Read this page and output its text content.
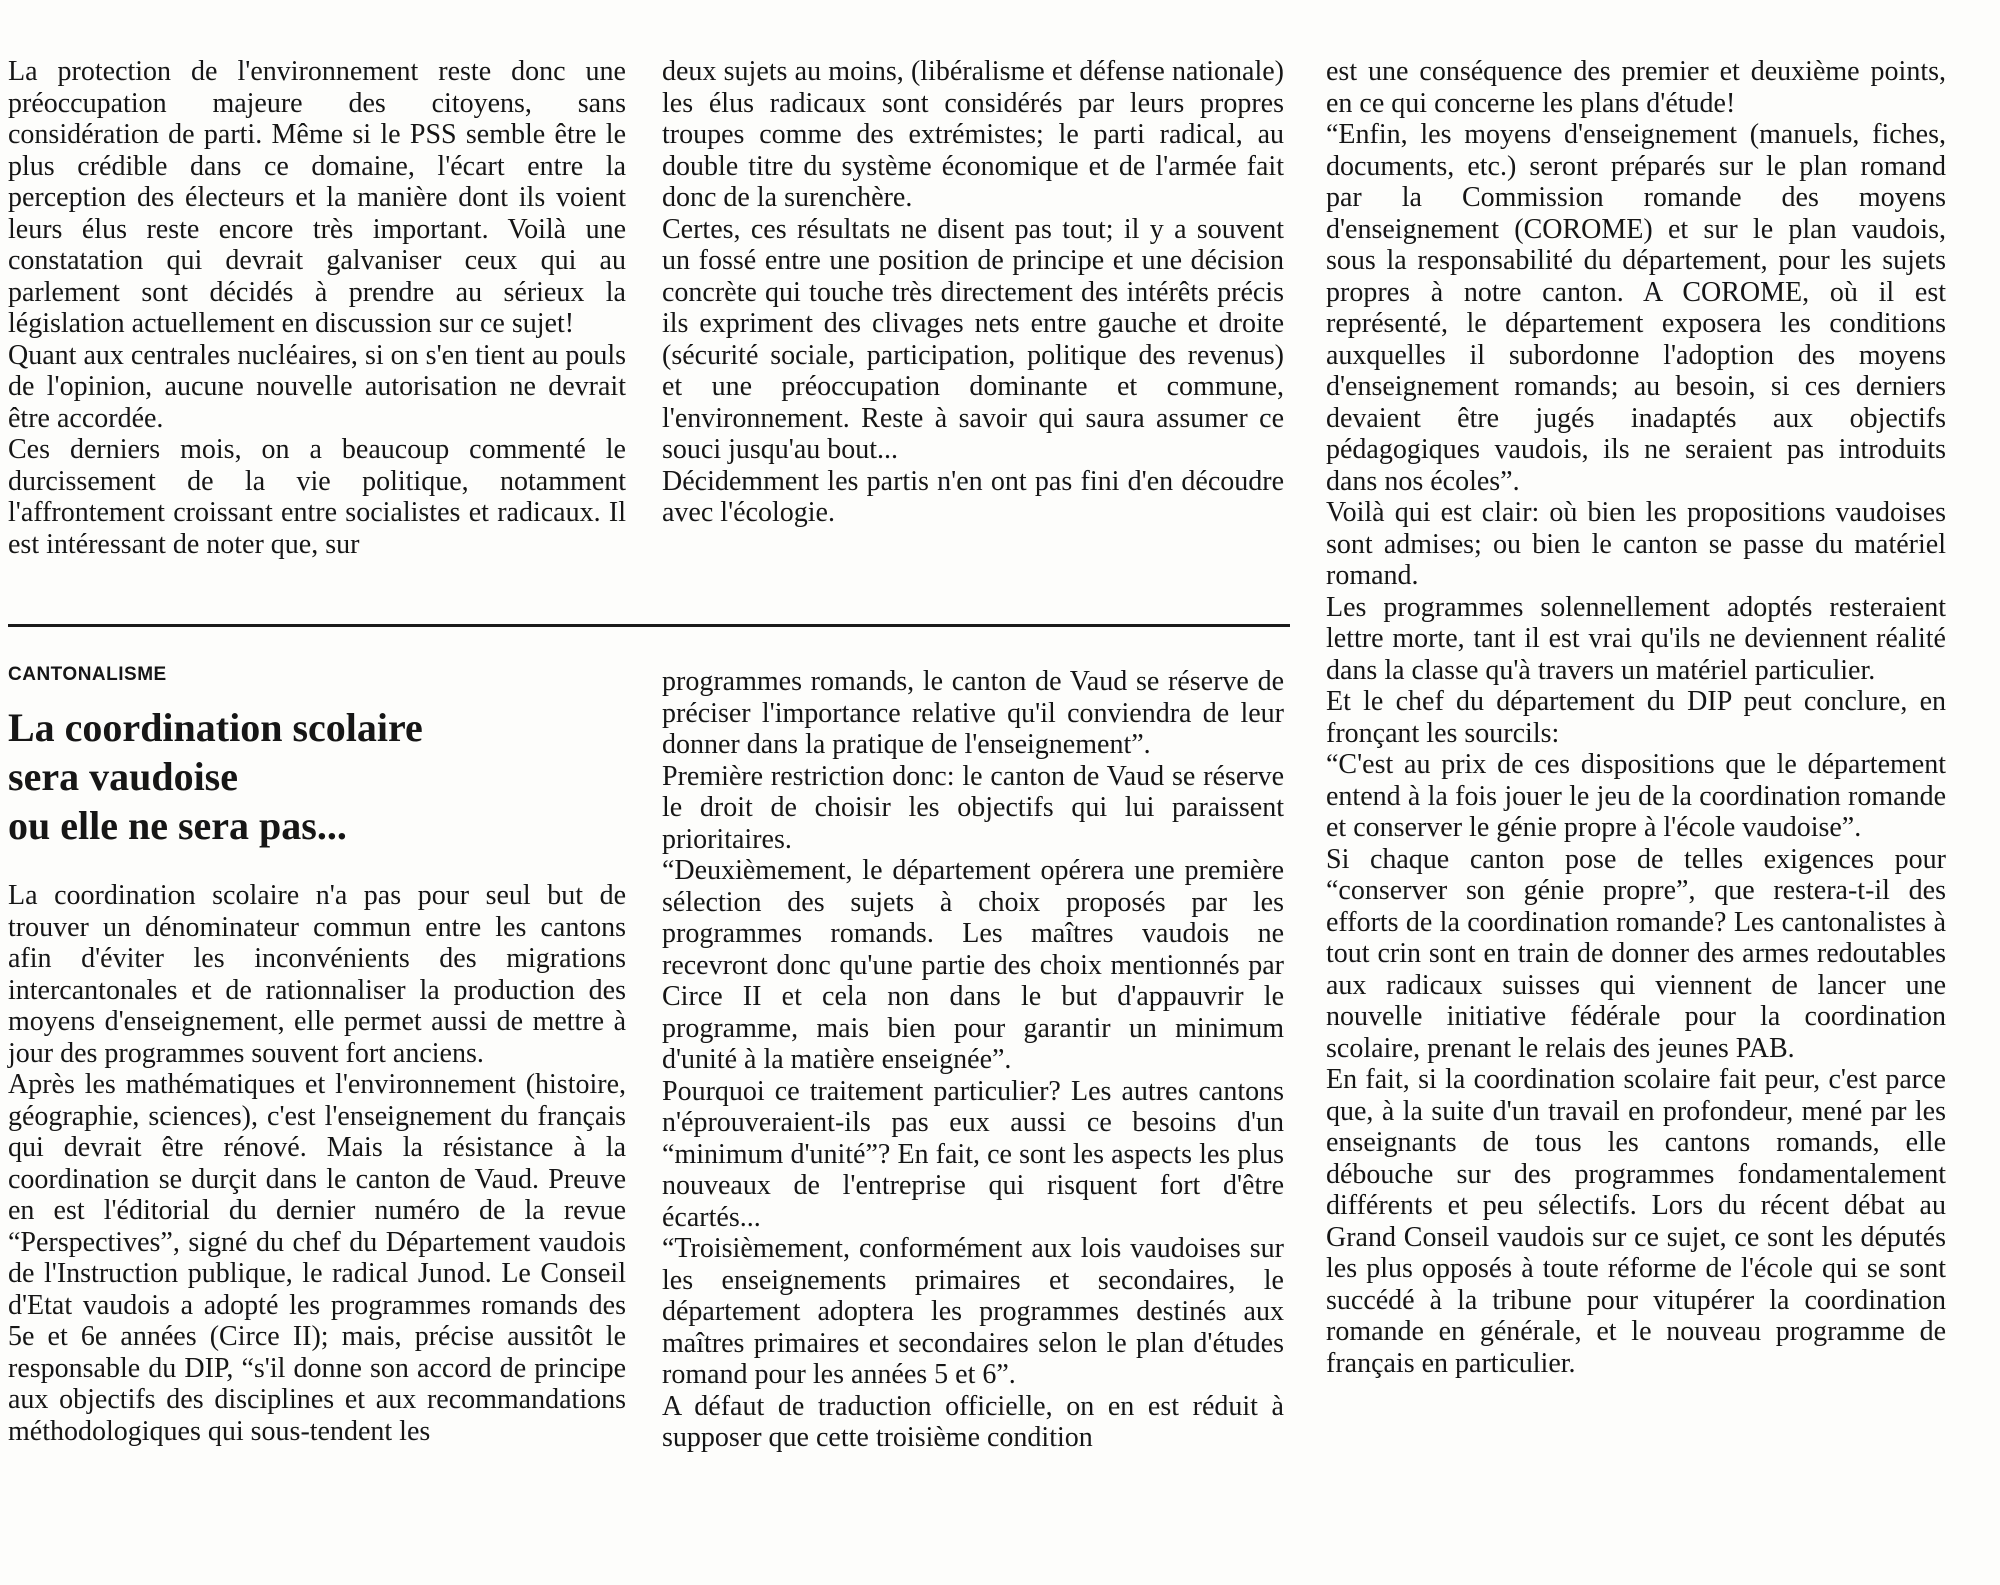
La protection de l'environnement reste donc une préoccupation majeure des citoyens, sans considération de parti. Même si le PSS semble être le plus crédible dans ce domaine, l'écart entre la perception des électeurs et la manière dont ils voient leurs élus reste encore très important. Voilà une constatation qui devrait galvaniser ceux qui au parlement sont décidés à prendre au sérieux la législation actuellement en discussion sur ce sujet!

Quant aux centrales nucléaires, si on s'en tient au pouls de l'opinion, aucune nouvelle autorisation ne devrait être accordée.

Ces derniers mois, on a beaucoup commenté le durcissement de la vie politique, notamment l'affrontement croissant entre socialistes et radicaux. Il est intéressant de noter que, sur

deux sujets au moins, (libéralisme et défense nationale) les élus radicaux sont considérés par leurs propres troupes comme des extrémistes; le parti radical, au double titre du système économique et de l'armée fait donc de la surenchère.

Certes, ces résultats ne disent pas tout; il y a souvent un fossé entre une position de principe et une décision concrète qui touche très directement des intérêts précis ils expriment des clivages nets entre gauche et droite (sécurité sociale, participation, politique des revenus) et une préoccupation dominante et commune, l'environnement. Reste à savoir qui saura assumer ce souci jusqu'au bout...

Décidemment les partis n'en ont pas fini d'en découdre avec l'écologie.

CANTONALISME
La coordination scolaire
sera vaudoise
ou elle ne sera pas...

La coordination scolaire n'a pas pour seul but de trouver un dénominateur commun entre les cantons afin d'éviter les inconvénients des migrations intercantonales et de rationnaliser la production des moyens d'enseignement, elle permet aussi de mettre à jour des programmes souvent fort anciens.

Après les mathématiques et l'environnement (histoire, géographie, sciences), c'est l'enseignement du français qui devrait être rénové. Mais la résistance à la coordination se durçit dans le canton de Vaud. Preuve en est l'éditorial du dernier numéro de la revue “Perspectives”, signé du chef du Département vaudois de l'Instruction publique, le radical Junod. Le Conseil d'Etat vaudois a adopté les programmes romands des 5e et 6e années (Circe II); mais, précise aussitôt le responsable du DIP, “s'il donne son accord de principe aux objectifs des disciplines et aux recommandations méthodologiques qui sous-tendent les

programmes romands, le canton de Vaud se réserve de préciser l'importance relative qu'il conviendra de leur donner dans la pratique de l'enseignement”.

Première restriction donc: le canton de Vaud se réserve le droit de choisir les objectifs qui lui paraissent prioritaires.

“Deuxièmement, le département opérera une première sélection des sujets à choix proposés par les programmes romands. Les maîtres vaudois ne recevront donc qu'une partie des choix mentionnés par Circe II et cela non dans le but d'appauvrir le programme, mais bien pour garantir un minimum d'unité à la matière enseignée”.

Pourquoi ce traitement particulier? Les autres cantons n'éprouveraient-ils pas eux aussi ce besoins d'un “minimum d'unité”? En fait, ce sont les aspects les plus nouveaux de l'entreprise qui risquent fort d'être écartés...

“Troisièmement, conformément aux lois vaudoises sur les enseignements primaires et secondaires, le département adoptera les programmes destinés aux maîtres primaires et secondaires selon le plan d'études romand pour les années 5 et 6”.

A défaut de traduction officielle, on en est réduit à supposer que cette troisième condition

est une conséquence des premier et deuxième points, en ce qui concerne les plans d'étude!

“Enfin, les moyens d'enseignement (manuels, fiches, documents, etc.) seront préparés sur le plan romand par la Commission romande des moyens d'enseignement (COROME) et sur le plan vaudois, sous la responsabilité du département, pour les sujets propres à notre canton. A COROME, où il est représenté, le département exposera les conditions auxquelles il subordonne l'adoption des moyens d'enseignement romands; au besoin, si ces derniers devaient être jugés inadaptés aux objectifs pédagogiques vaudois, ils ne seraient pas introduits dans nos écoles”.

Voilà qui est clair: où bien les propositions vaudoises sont admises; ou bien le canton se passe du matériel romand.

Les programmes solennellement adoptés resteraient lettre morte, tant il est vrai qu'ils ne deviennent réalité dans la classe qu'à travers un matériel particulier.

Et le chef du département du DIP peut conclure, en fronçant les sourcils:

“C'est au prix de ces dispositions que le département entend à la fois jouer le jeu de la coordination romande et conserver le génie propre à l'école vaudoise”.

Si chaque canton pose de telles exigences pour “conserver son génie propre”, que restera-t-il des efforts de la coordination romande? Les cantonalistes à tout crin sont en train de donner des armes redoutables aux radicaux suisses qui viennent de lancer une nouvelle initiative fédérale pour la coordination scolaire, prenant le relais des jeunes PAB.

En fait, si la coordination scolaire fait peur, c'est parce que, à la suite d'un travail en profondeur, mené par les enseignants de tous les cantons romands, elle débouche sur des programmes fondamentalement différents et peu sélectifs. Lors du récent débat au Grand Conseil vaudois sur ce sujet, ce sont les députés les plus opposés à toute réforme de l'école qui se sont succédé à la tribune pour vitupérer la coordination romande en générale, et le nouveau programme de français en particulier.
